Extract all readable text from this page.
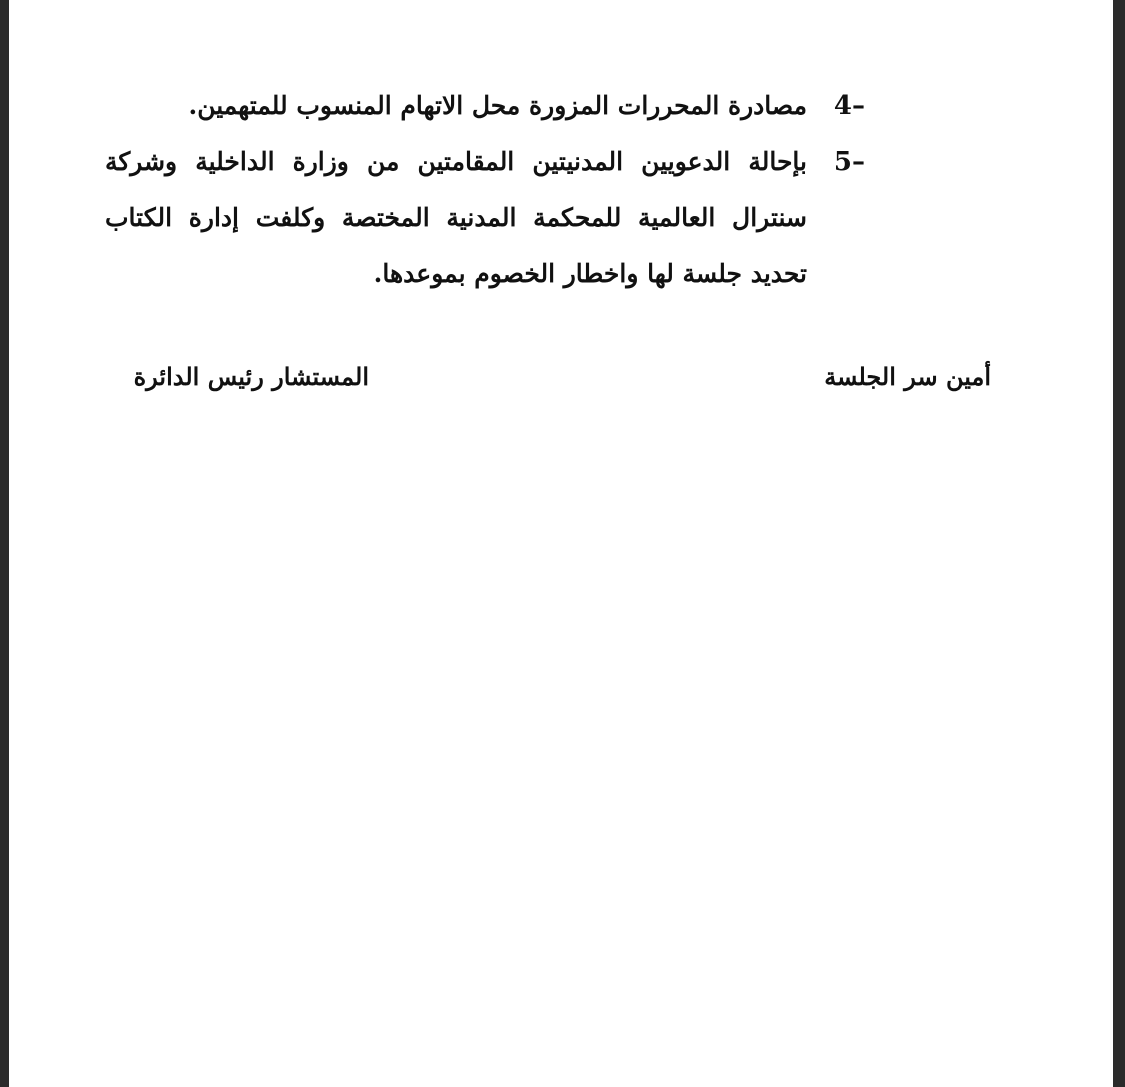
4–
مصادرة المحررات المزورة محل الاتهام المنسوب للمتهمين.
5–
بإحالة الدعويين المدنيتين المقامتين من وزارة الداخلية وشركة سنترال العالمية للمحكمة المدنية المختصة وكلفت إدارة الكتاب تحديد جلسة لها واخطار الخصوم بموعدها.
أمين سر الجلسة
المستشار رئيس الدائرة
